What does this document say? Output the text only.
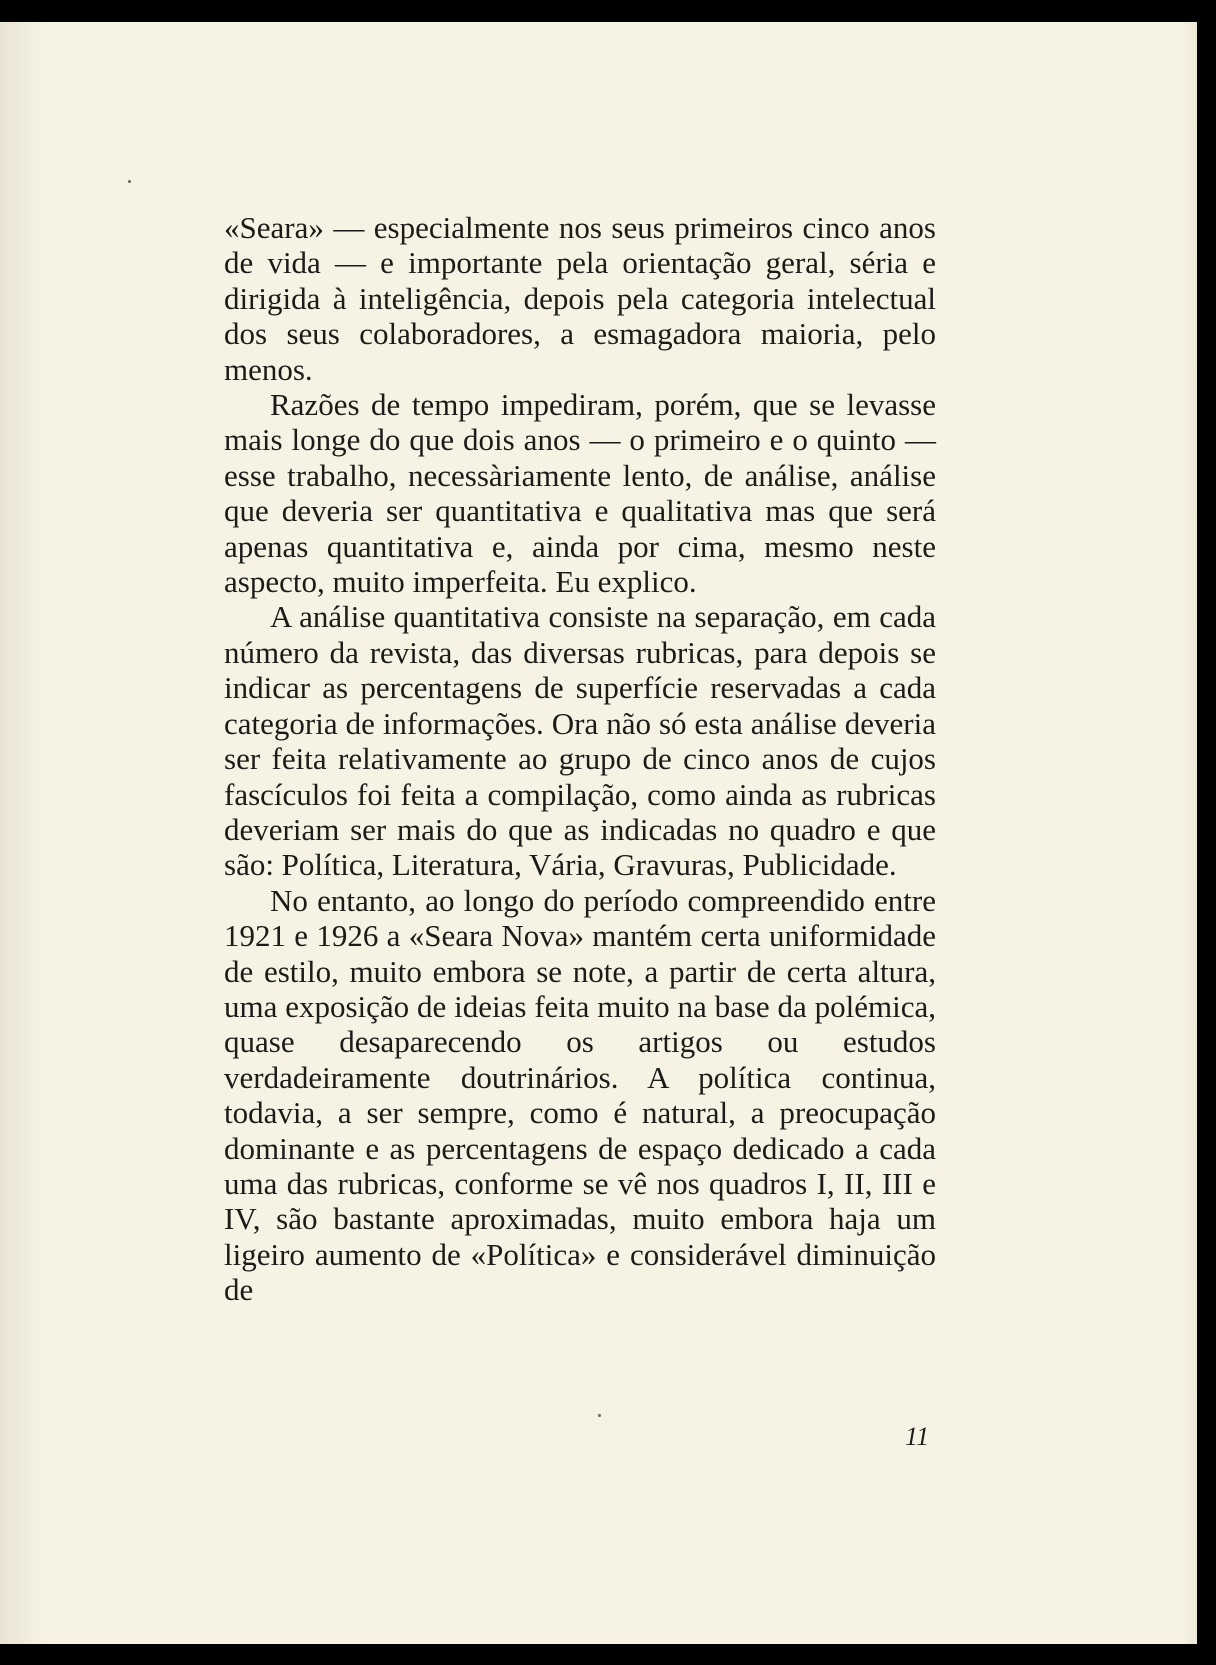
«Seara» — especialmente nos seus primeiros cinco anos de vida — e importante pela orientação geral, séria e dirigida à inteligência, depois pela categoria intelectual dos seus colaboradores, a esmagadora maioria, pelo menos.

Razões de tempo impediram, porém, que se levasse mais longe do que dois anos — o primeiro e o quinto — esse trabalho, necessàriamente lento, de análise, análise que deveria ser quantitativa e qualitativa mas que será apenas quantitativa e, ainda por cima, mesmo neste aspecto, muito imperfeita. Eu explico.

A análise quantitativa consiste na separação, em cada número da revista, das diversas rubricas, para depois se indicar as percentagens de superfície reservadas a cada categoria de informações. Ora não só esta análise deveria ser feita relativamente ao grupo de cinco anos de cujos fascículos foi feita a compilação, como ainda as rubricas deveriam ser mais do que as indicadas no quadro e que são: Política, Literatura, Vária, Gravuras, Publicidade.

No entanto, ao longo do período compreendido entre 1921 e 1926 a «Seara Nova» mantém certa uniformidade de estilo, muito embora se note, a partir de certa altura, uma exposição de ideias feita muito na base da polémica, quase desaparecendo os artigos ou estudos verdadeiramente doutrinários. A política continua, todavia, a ser sempre, como é natural, a preocupação dominante e as percentagens de espaço dedicado a cada uma das rubricas, conforme se vê nos quadros I, II, III e IV, são bastante aproximadas, muito embora haja um ligeiro aumento de «Política» e considerável diminuição de

11
